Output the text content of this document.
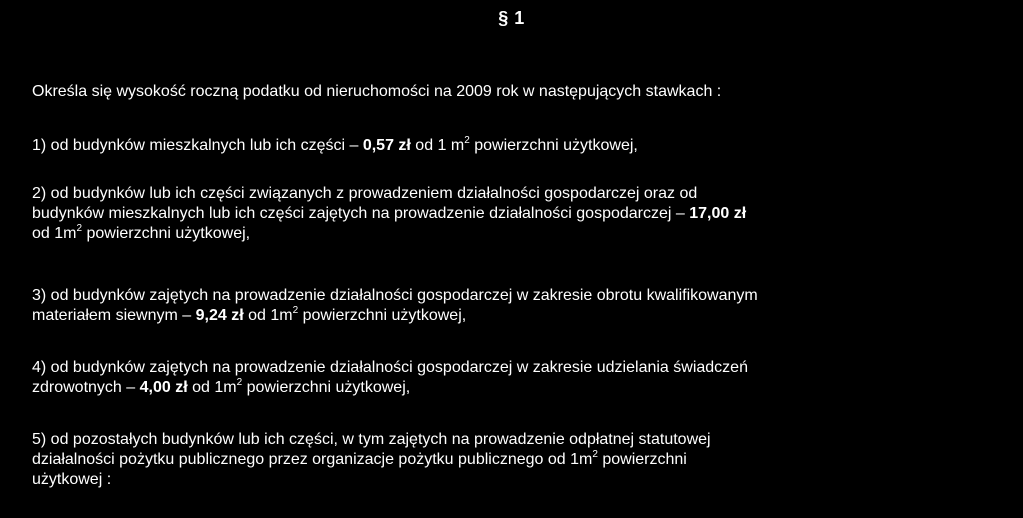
§ 1
Określa się wysokość roczną podatku od nieruchomości na 2009 rok w następujących stawkach :
1) od budynków mieszkalnych lub ich części – 0,57 zł od 1 $m^2$ powierzchni użytkowej,
2) od budynków lub ich części związanych z prowadzeniem działalności gospodarczej oraz od
budynków mieszkalnych lub ich części zajętych na prowadzenie działalności gospodarczej – 17,00 zł
od $1m^2$ powierzchni użytkowej,
3) od budynków zajętych na prowadzenie działalności gospodarczej w zakresie obrotu kwalifikowanym
materiałem siewnym – 9,24 zł od $1m^2$ powierzchni użytkowej,
4) od budynków zajętych na prowadzenie działalności gospodarczej w zakresie udzielania świadczeń
zdrowotnych – 4,00 zł od $1m^2$ powierzchni użytkowej,
5) od pozostałych budynków lub ich części, w tym zajętych na prowadzenie odpłatnej statutowej
działalności pożytku publicznego przez organizacje pożytku publicznego od $1m^2$ powierzchni
użytkowej :
